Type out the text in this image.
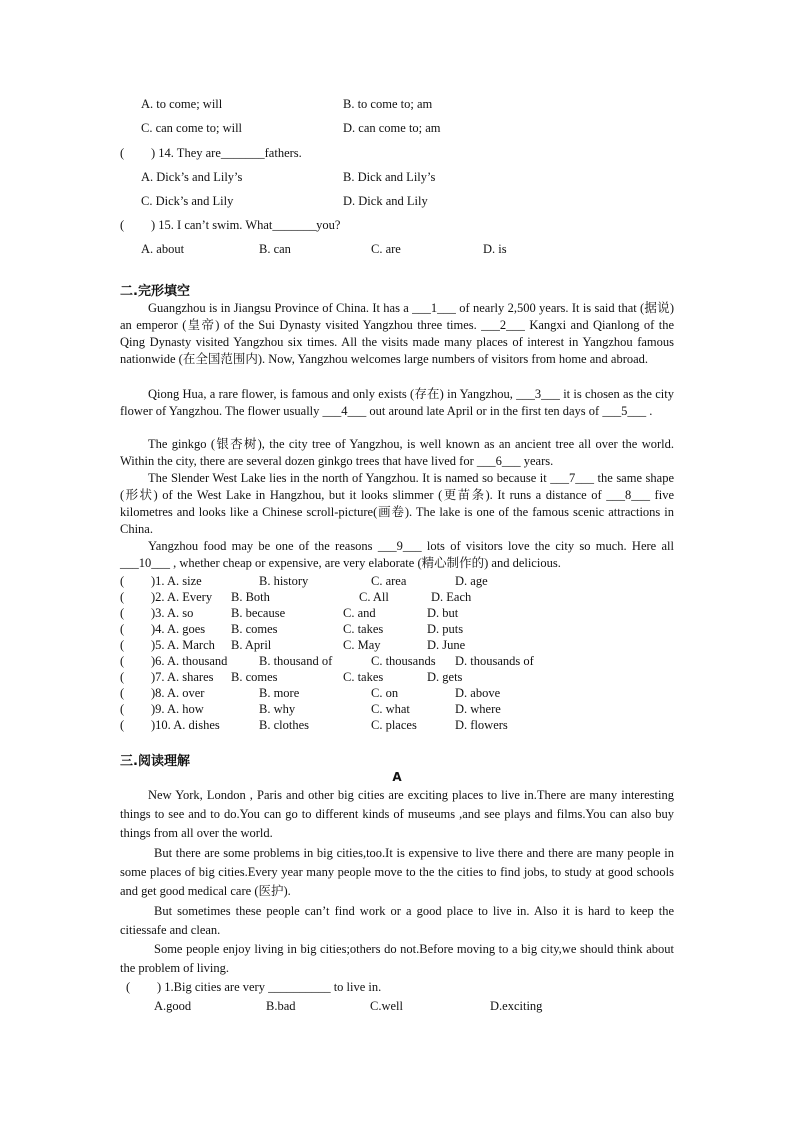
A. to come; will	B. to come to; am
C. can come to; will	D. can come to; am
( ) 14. They are_______fathers.
A. Dick’s and Lily’s	B. Dick and Lily’s
C. Dick’s and Lily	D. Dick and Lily
( ) 15. I can’t swim. What_______you?
A. about	B. can	C. are	D. is
二.完形填空
Guangzhou is in Jiangsu Province of China. It has a ___1___ of nearly 2,500 years. It is said that (据说) an emperor (皇帝) of the Sui Dynasty visited Yangzhou three times. ___2___ Kangxi and Qianlong of the Qing Dynasty visited Yangzhou six times. All the visits made many places of interest in Yangzhou famous nationwide (在全国范围内). Now, Yangzhou welcomes large numbers of visitors from home and abroad.
Qiong Hua, a rare flower, is famous and only exists (存在) in Yangzhou, ___3___ it is chosen as the city flower of Yangzhou. The flower usually ___4___ out around late April or in the first ten days of ___5___ .
The ginkgo (银杏树), the city tree of Yangzhou, is well known as an ancient tree all over the world. Within the city, there are several dozen ginkgo trees that have lived for ___6___ years.
The Slender West Lake lies in the north of Yangzhou. It is named so because it ___7___ the same shape (形状) of the West Lake in Hangzhou, but it looks slimmer (更苗条). It runs a distance of ___8___ five kilometres and looks like a Chinese scroll-picture(画卷). The lake is one of the famous scenic attractions in China.
Yangzhou food may be one of the reasons ___9___ lots of visitors love the city so much. Here all ___10___ , whether cheap or expensive, are very elaborate (精心制作的) and delicious.
( )1. A. size	B. history	C. area	D. age
( )2. A. Every B. Both	C. All	D. Each
( )3. A. so	B. because	C. and	D. but
( )4. A. goes B. comes	C. takes	D. puts
( )5. A. March B. April	C. May	D. June
( )6. A. thousand	B. thousand of	C. thousands D. thousands of
( )7. A. shares B. comes	C. takes	D. gets
( )8. A. over	B. more	C. on	D. above
( )9. A. how	B. why	C. what	D. where
( )10. A. dishes	B. clothes	C. places	D. flowers
三.阅读理解
A
New York, London , Paris and other big cities are exciting places to live in.There are many interesting things to see and to do.You can go to different kinds of museums ,and see plays and films.You can also buy things from all over the world.
But there are some problems in big cities,too.It is expensive to live there and there are many people in some places of big cities.Every year many people move to the the cities to find jobs, to study at good schools and get good medical care (医护).
But sometimes these people can’t find work or a good place to live in. Also it is hard to keep the citiessafe and clean.
Some people enjoy living in big cities;others do not.Before moving to a big city,we should think about the problem of living.
( ) 1.Big cities are very __________ to live in.
A.good	B.bad	C.well	D.exciting
